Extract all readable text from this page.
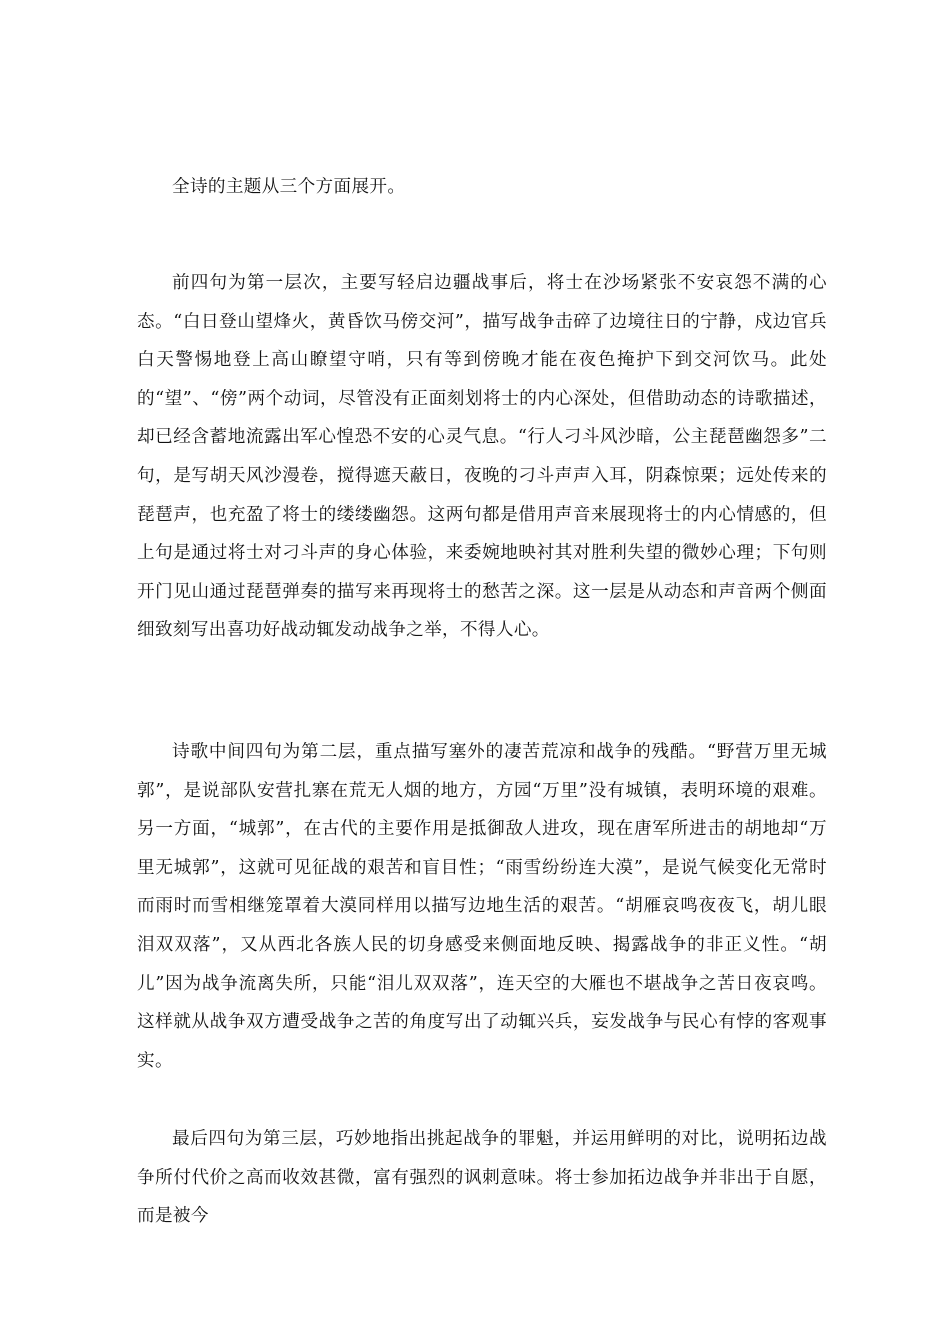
全诗的主题从三个方面展开。

前四句为第一层次，主要写轻启边疆战事后，将士在沙场紧张不安哀怨不满的心态。“白日登山望烽火，黄昏饮马傍交河”，描写战争击碎了边境往日的宁静，戍边官兵白天警惕地登上高山瞭望守哨，只有等到傍晚才能在夜色掩护下到交河饮马。此处的“望”、“傍”两个动词，尽管没有正面刻划将士的内心深处，但借助动态的诗歌描述，却已经含蓄地流露出军心惶恐不安的心灵气息。“行人刁斗风沙暗，公主琵琶幽怨多”二句，是写胡天风沙漫卷，搅得遮天蔽日，夜晚的刁斗声声入耳，阴森惊栗；远处传来的琵琶声，也充盈了将士的缕缕幽怨。这两句都是借用声音来展现将士的内心情感的，但上句是通过将士对刁斗声的身心体验，来委婉地映衬其对胜利失望的微妙心理；下句则开门见山通过琵琶弹奏的描写来再现将士的愁苦之深。这一层是从动态和声音两个侧面细致刻写出喜功好战动辄发动战争之举，不得人心。

诗歌中间四句为第二层，重点描写塞外的凄苦荒凉和战争的残酷。“野营万里无城郭”，是说部队安营扎寨在荒无人烟的地方，方园“万里”没有城镇，表明环境的艰难。另一方面，“城郭”，在古代的主要作用是抵御敌人进攻，现在唐军所进击的胡地却“万里无城郭”，这就可见征战的艰苦和盲目性；“雨雪纷纷连大漠”，是说气候变化无常时而雨时而雪相继笼罩着大漠同样用以描写边地生活的艰苦。“胡雁哀鸣夜夜飞，胡儿眼泪双双落”，又从西北各族人民的切身感受来侧面地反映、揭露战争的非正义性。“胡儿”因为战争流离失所，只能“泪儿双双落”，连天空的大雁也不堪战争之苦日夜哀鸣。这样就从战争双方遭受战争之苦的角度写出了动辄兴兵，妄发战争与民心有悖的客观事实。

最后四句为第三层，巧妙地指出挑起战争的罪魁，并运用鲜明的对比，说明拓边战争所付代价之高而收效甚微，富有强烈的讽刺意味。将士参加拓边战争并非出于自愿，而是被今
